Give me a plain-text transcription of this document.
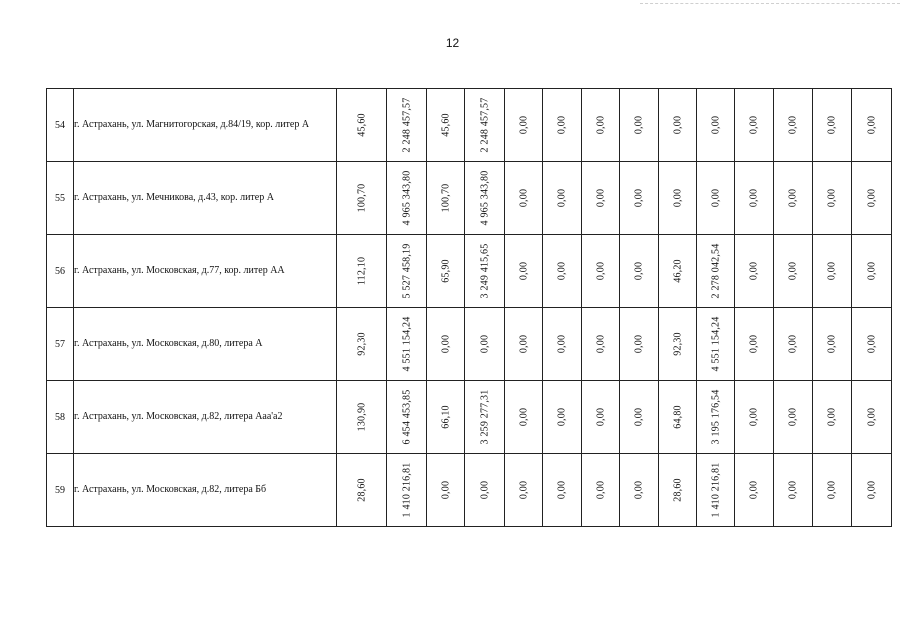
12
54	г. Астрахань, ул. Магнитогорская, д.84/19, кор. литер А	45,60	2 248 457,57	45,60	2 248 457,57	0,00	0,00	0,00	0,00	0,00	0,00	0,00	0,00	0,00	0,00

55	г. Астрахань, ул. Мечникова, д.43, кор. литер А	100,70	4 965 343,80	100,70	4 965 343,80	0,00	0,00	0,00	0,00	0,00	0,00	0,00	0,00	0,00	0,00

56	г. Астрахань, ул. Московская, д.77, кор. литер АА	112,10	5 527 458,19	65,90	3 249 415,65	0,00	0,00	0,00	0,00	46,20	2 278 042,54	0,00	0,00	0,00	0,00

57	г. Астрахань, ул. Московская, д.80, литера А	92,30	4 551 154,24	0,00	0,00	0,00	0,00	0,00	0,00	92,30	4 551 154,24	0,00	0,00	0,00	0,00

58	г. Астрахань, ул. Московская, д.82, литера Ааа'а2	130,90	6 454 453,85	66,10	3 259 277,31	0,00	0,00	0,00	0,00	64,80	3 195 176,54	0,00	0,00	0,00	0,00

59	г. Астрахань, ул. Московская, д.82, литера Бб	28,60	1 410 216,81	0,00	0,00	0,00	0,00	0,00	0,00	28,60	1 410 216,81	0,00	0,00	0,00	0,00
